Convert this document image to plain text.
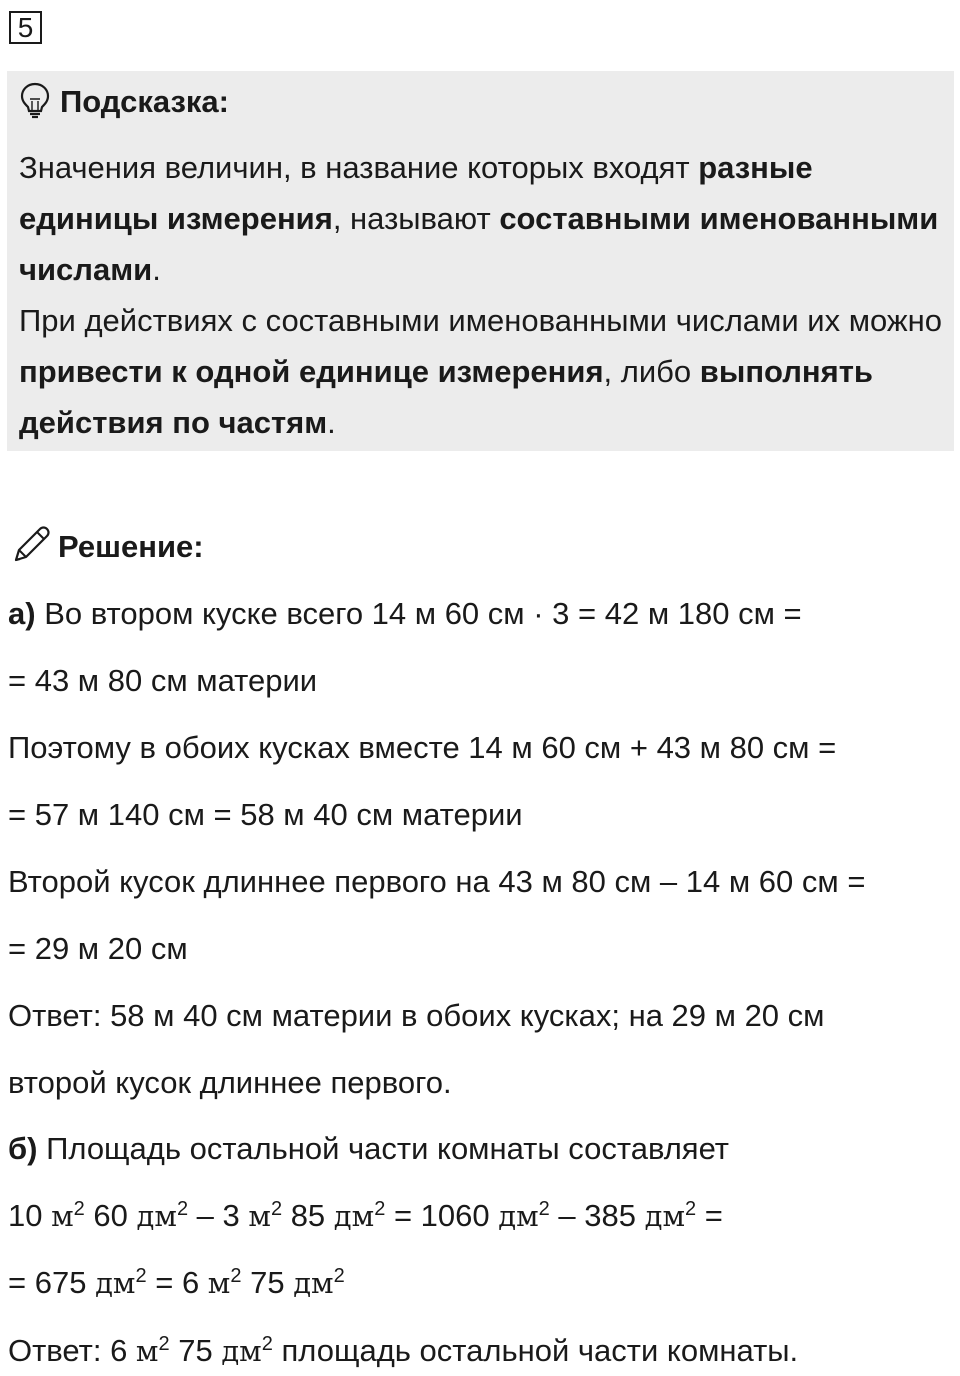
5
Подсказка:

Значения величин, в название которых входят разные единицы измерения, называют составными именованными числами.

При действиях с составными именованными числами их можно привести к одной единице измерения, либо выполнять действия по частям.

Решение:
а) Во втором куске всего 14 м 60 см · 3 = 42 м 180 см =
= 43 м 80 см материи
Поэтому в обоих кусках вместе 14 м 60 см + 43 м 80 см =
= 57 м 140 см = 58 м 40 см материи
Второй кусок длиннее первого на 43 м 80 см – 14 м 60 см =
= 29 м 20 см
Ответ: 58 м 40 см материи в обоих кусках; на 29 м 20 см
второй кусок длиннее первого.
б) Площадь остальной части комнаты составляет
10 $м^2$ 60 $дм^2 - 3$ $м^2$ 85 $дм^2 = 1060$ $дм^2 - 385$ $дм^2$ =
= 675 $дм^2 = 6$ $м^2$ 75 $дм^2$
Ответ: 6 $м^2$ 75 $дм^2$ площадь остальной части комнаты.
